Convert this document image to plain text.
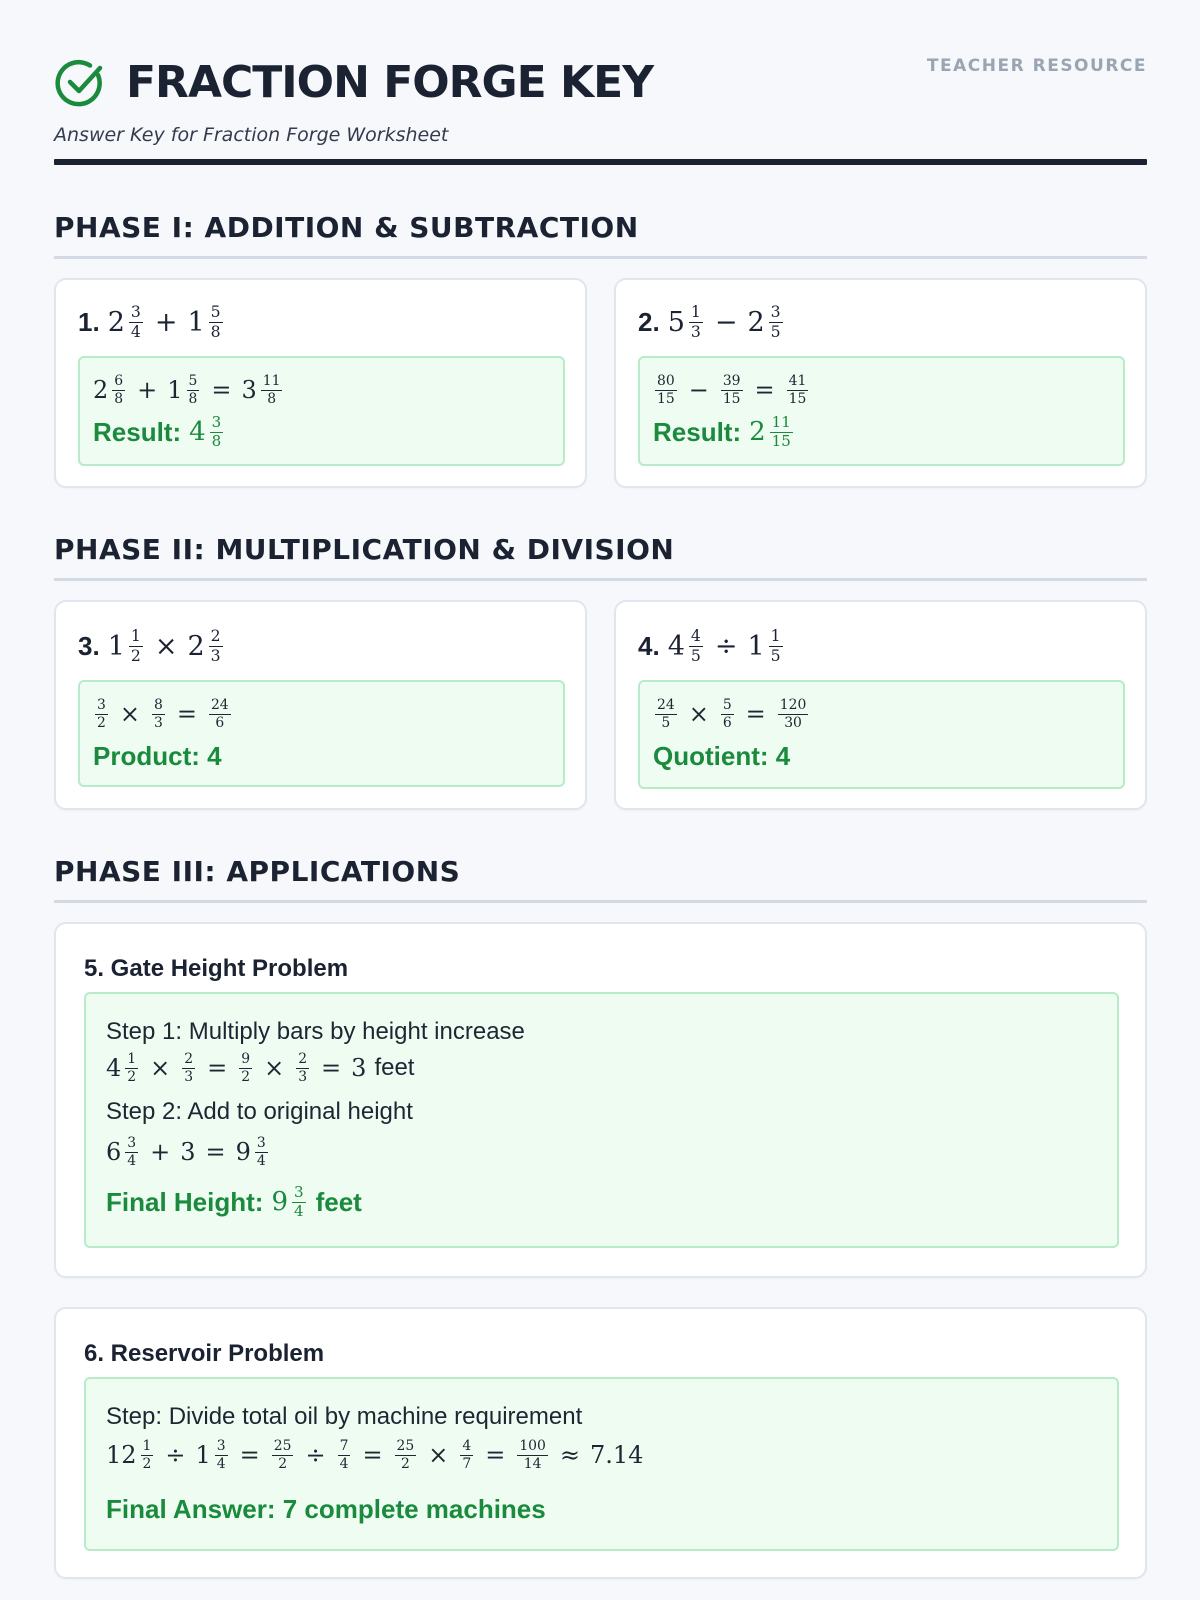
FRACTION FORGE KEY
Answer Key for Fraction Forge Worksheet
TEACHER RESOURCE
PHASE I: ADDITION & SUBTRACTION
1. $2 \frac{3}{4} + 1 \frac{5}{8}$
$2 \frac{6}{8} + 1 \frac{5}{8} = 3 \frac{11}{8}$
Result: $4 \frac{3}{8}$
2. $5 \frac{1}{3} - 2 \frac{3}{5}$
$\frac{80}{15} - \frac{39}{15} = \frac{41}{15}$
Result: $2 \frac{11}{15}$
PHASE II: MULTIPLICATION & DIVISION
3. $1 \frac{1}{2} \times 2 \frac{2}{3}$
$\frac{3}{2} \times \frac{8}{3} = \frac{24}{6}$
Product: 4
4. $4 \frac{4}{5} \div 1 \frac{1}{5}$
$\frac{24}{5} \times \frac{5}{6} = \frac{120}{30}$
Quotient: 4
PHASE III: APPLICATIONS
5. Gate Height Problem
Step 1: Multiply bars by height increase
$4 \frac{1}{2} \times \frac{2}{3} = \frac{9}{2} \times \frac{2}{3} = 3$ feet
Step 2: Add to original height
$6 \frac{3}{4} + 3 = 9 \frac{3}{4}$
Final Height: $9 \frac{3}{4}$ feet
6. Reservoir Problem
Step: Divide total oil by machine requirement
$12 \frac{1}{2} \div 1 \frac{3}{4} = \frac{25}{2} \div \frac{7}{4} = \frac{25}{2} \times \frac{4}{7} = \frac{100}{14} \approx 7.14$
Final Answer: 7 complete machines
